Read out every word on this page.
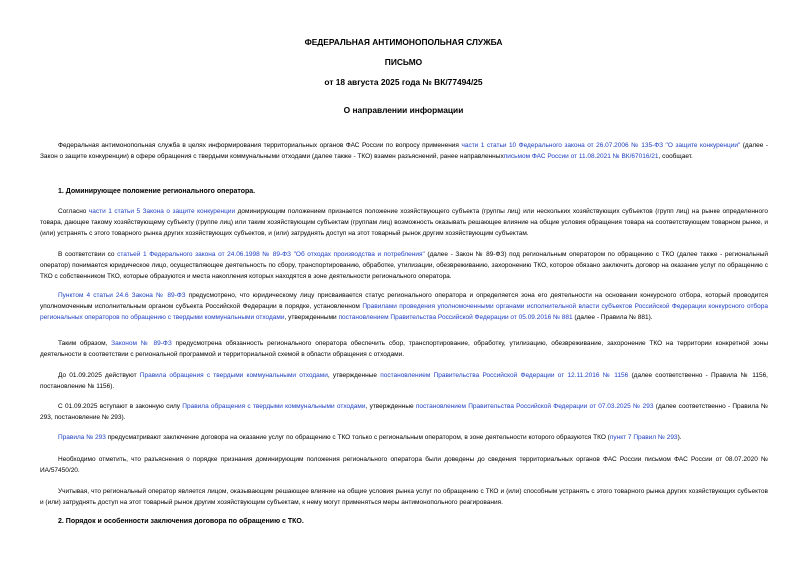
ФЕДЕРАЛЬНАЯ АНТИМОНОПОЛЬНАЯ СЛУЖБА
ПИСЬМО
от 18 августа 2025 года № ВК/77494/25
О направлении информации
Федеральная антимонопольная служба в целях информирования территориальных органов ФАС России по вопросу применения части 1 статьи 10 Федерального закона от 26.07.2006 № 135-ФЗ "О защите конкуренции" (далее - Закон о защите конкуренции) в сфере обращения с твердыми коммунальными отходами (далее также - ТКО) взамен разъяснений, ранее направленныхписьмом ФАС России от 11.08.2021 № ВК/67016/21, сообщает.
1. Доминирующее положение регионального оператора.
Согласно части 1 статьи 5 Закона о защите конкуренции доминирующим положением признается положение хозяйствующего субъекта (группы лиц) или нескольких хозяйствующих субъектов (групп лиц) на рынке определенного товара, дающее такому хозяйствующему субъекту (группе лиц) или таким хозяйствующим субъектам (группам лиц) возможность оказывать решающее влияние на общие условия обращения товара на соответствующем товарном рынке, и (или) устранять с этого товарного рынка других хозяйствующих субъектов, и (или) затруднять доступ на этот товарный рынок другим хозяйствующим субъектам.
В соответствии со статьей 1 Федерального закона от 24.06.1998 № 89-ФЗ "Об отходах производства и потребления" (далее - Закон № 89-ФЗ) под региональным оператором по обращению с ТКО (далее также - региональный оператор) понимается юридическое лицо, осуществляющее деятельность по сбору, транспортированию, обработке, утилизации, обезвреживанию, захоронению ТКО, которое обязано заключить договор на оказание услуг по обращению с ТКО с собственником ТКО, которые образуются и места накопления которых находятся в зоне деятельности регионального оператора.
Пунктом 4 статьи 24.6 Закона № 89-ФЗ предусмотрено, что юридическому лицу присваивается статус регионального оператора и определяется зона его деятельности на основании конкурсного отбора, который проводится уполномоченным исполнительным органом субъекта Российской Федерации в порядке, установленном Правилами проведения уполномоченными органами исполнительной власти субъектов Российской Федерации конкурсного отбора региональных операторов по обращению с твердыми коммунальными отходами, утвержденными постановлением Правительства Российской Федерации от 05.09.2016 № 881 (далее - Правила № 881).
Таким образом, Законом № 89-ФЗ предусмотрена обязанность регионального оператора обеспечить сбор, транспортирование, обработку, утилизацию, обезвреживание, захоронение ТКО на территории конкретной зоны деятельности в соответствии с региональной программой и территориальной схемой в области обращения с отходами.
До 01.09.2025 действуют Правила обращения с твердыми коммунальными отходами, утвержденные постановлением Правительства Российской Федерации от 12.11.2016 № 1156 (далее соответственно - Правила № 1156, постановление № 1156).
С 01.09.2025 вступают в законную силу Правила обращения с твердыми коммунальными отходами, утвержденные постановлением Правительства Российской Федерации от 07.03.2025 № 293 (далее соответственно - Правила № 293, постановление № 293).
Правила № 293 предусматривают заключение договора на оказание услуг по обращению с ТКО только с региональным оператором, в зоне деятельности которого образуются ТКО (пункт 7 Правил № 293).
Необходимо отметить, что разъяснения о порядке признания доминирующим положения регионального оператора были доведены до сведения территориальных органов ФАС России письмом ФАС России от 08.07.2020 № ИА/57450/20.
Учитывая, что региональный оператор является лицом, оказывающим решающее влияние на общие условия рынка услуг по обращению с ТКО и (или) способным устранять с этого товарного рынка других хозяйствующих субъектов и (или) затруднять доступ на этот товарный рынок другим хозяйствующим субъектам, к нему могут применяться меры антимонопольного реагирования.
2. Порядок и особенности заключения договора по обращению с ТКО.
